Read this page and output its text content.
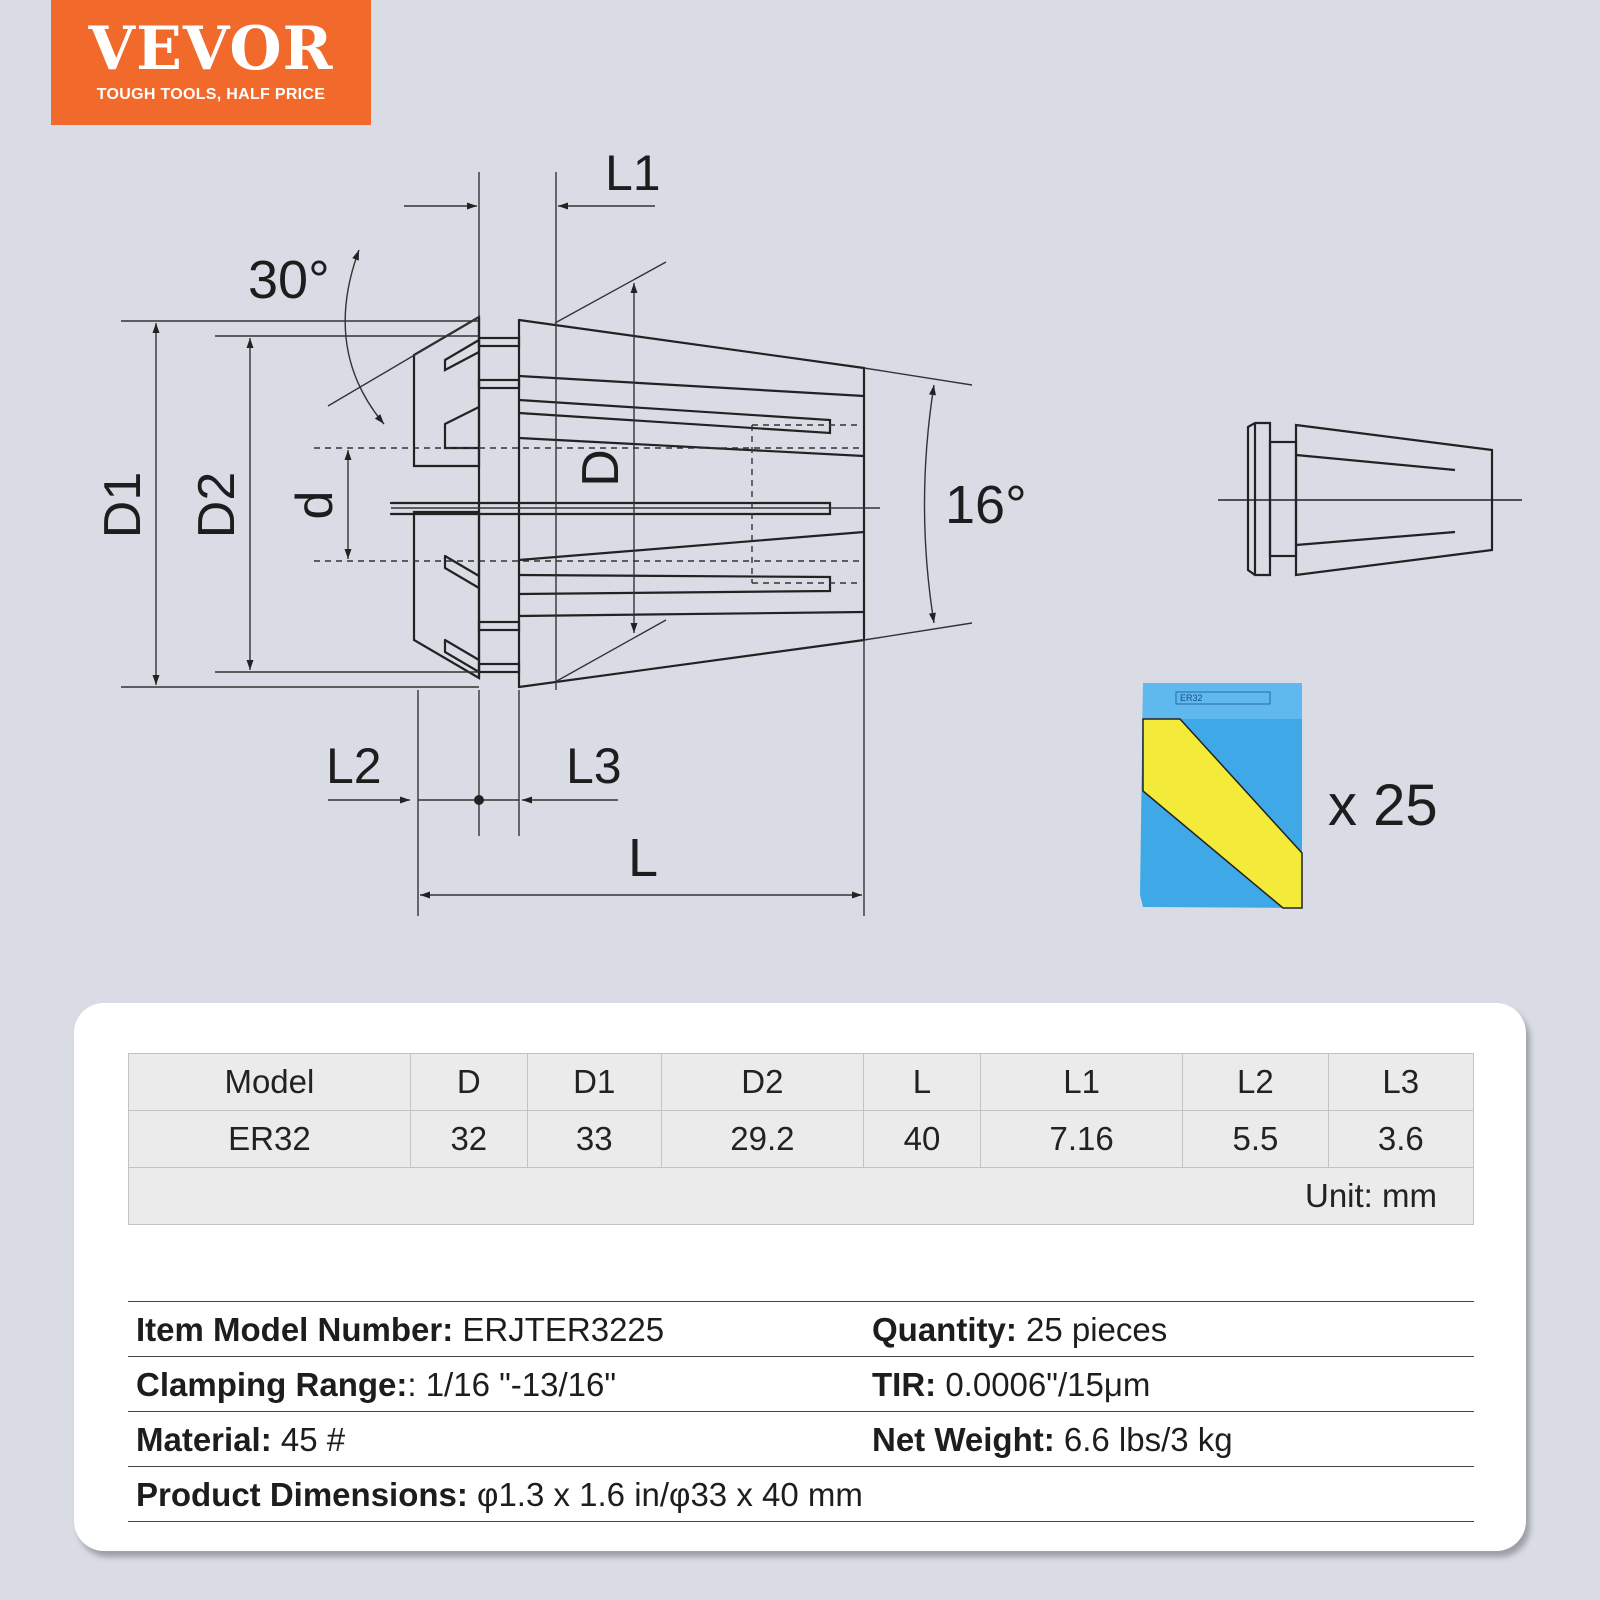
VEVOR
TOUGH TOOLS, HALF PRICE
L1
30°
16°
L2	L3
L
D1 D2 d
D
ER32
x 25
Model	D	D1	D2	L	L1	L2	L3
ER32	32	33	29.2	40	7.16	5.5	3.6
Unit: mm							
Item Model Number: ERJTER3225	Quantity: 25 pieces
Clamping Range:: 1/16 "-13/16"	TIR: 0.0006"/15μm
Material: 45 #	Net Weight: 6.6 lbs/3 kg
Product Dimensions: φ1.3 x 1.6 in/φ33 x 40 mm
